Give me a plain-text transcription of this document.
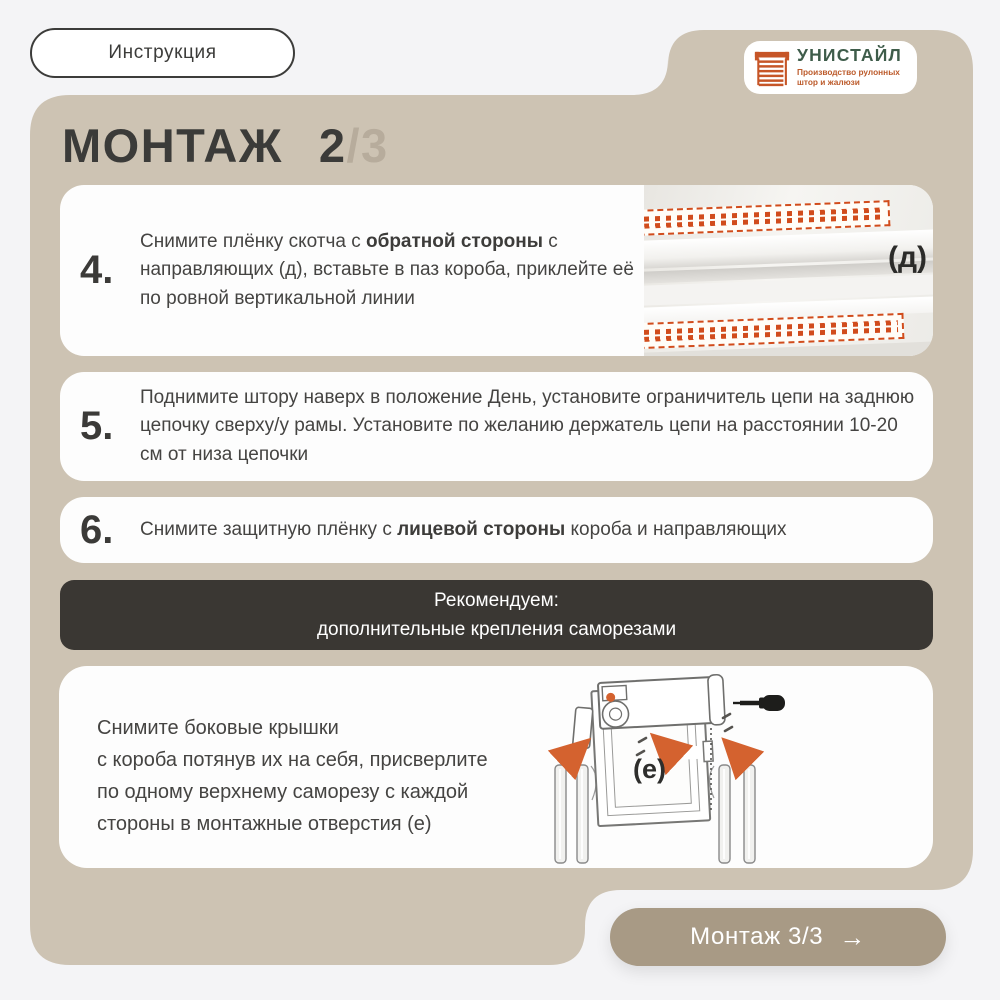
Инструкция	УНИСТАЙЛ
Производство рулонных
штор и жалюзи
МОНТАЖ 2/3
4.
Снимите плёнку скотча с обратной стороны с направляющих (д), вставьте в паз короба, приклейте её по ровной вертикальной линии
(д)
5.
Поднимите штору наверх в положение День, установите ограничитель цепи на заднюю цепочку сверху/у рамы. Установите по желанию держатель цепи на расстоянии 10-20 см от низа цепочки
6.	Снимите защитную плёнку с лицевой стороны короба и направляющих
Рекомендуем:
дополнительные крепления саморезами
Снимите боковые крышки
с короба потянув их на себя, присверлите
по одному верхнему саморезу с каждой
стороны в монтажные отверстия (е)
(e)
Монтаж 3/3 →
